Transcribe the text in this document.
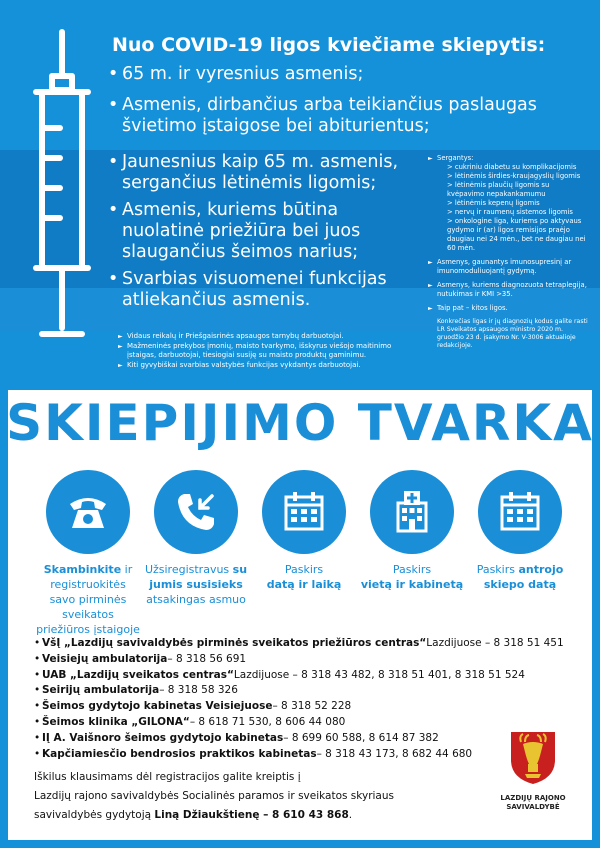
Nuo COVID-19 ligos kviečiame skiepytis:
• 65 m. ir vyresnius asmenis;
• Asmenis, dirbančius arba teikiančius paslaugas švietimo įstaigose bei abiturientus;
• Jaunesnius kaip 65 m. asmenis, sergančius lėtinėmis ligomis;
• Asmenis, kuriems būtina nuolatinė priežiūra bei juos slaugančius šeimos narius;
• Svarbias visuomenei funkcijas atliekančius asmenis.
► Vidaus reikalų ir Priešgaisrinės apsaugos tarnybų darbuotojai.
► Mažmeninės prekybos įmonių, maisto tvarkymo, išskyrus viešojo maitinimo įstaigas, darbuotojai, tiesiogiai susiję su maisto produktų gaminimu.
► Kiti gyvybiškai svarbias valstybės funkcijas vykdantys darbuotojai.
► Sergantys:
> cukriniu diabetu su komplikacijomis
> lėtinėmis širdies-kraujagyslių ligomis
> lėtinėmis plaučių ligomis su kvėpavimo nepakankamumu
> lėtinėmis kepenų ligomis
> nervų ir raumenų sistemos ligomis
> onkologine liga, kuriems po aktyvaus gydymo ir (ar) ligos remisijos praėjo daugiau nei 24 mėn., bet ne daugiau nei 60 mėn.
► Asmenys, gaunantys imunosupresinį ar imunomoduliuojantį gydymą.
► Asmenys, kuriems diagnozuota tetraplegija, nutukimas ir KMI >35.
► Taip pat – kitos ligos.
Konkrečias ligas ir jų diagnozių kodus galite rasti LR Sveikatos apsaugos ministro 2020 m. gruodžio 23 d. įsakymo Nr. V-3006 aktualioje redakcijoje.
SKIEPIJIMO TVARKA
Skambinkite ir registruokitės savo pirminės sveikatos priežiūros įstaigoje
Užsiregistravus su jumis susisieks atsakingas asmuo
Paskirs
datą ir laiką
Paskirs
vietą ir kabinetą
Paskirs antrojo skiepo datą
• VšĮ „Lazdijų savivaldybės pirminės sveikatos priežiūros centras“ Lazdijuose – 8 318 51 451
• Veisiejų ambulatorija – 8 318 56 691
• UAB „Lazdijų sveikatos centras“ Lazdijuose – 8 318 43 482, 8 318 51 401, 8 318 51 524
• Seirijų ambulatorija – 8 318 58 326
• Šeimos gydytojo kabinetas Veisiejuose – 8 318 52 228
• Šeimos klinika „GILONA“ – 8 618 71 530, 8 606 44 080
• IĮ A. Vaišnoro šeimos gydytojo kabinetas – 8 699 60 588, 8 614 87 382
• Kapčiamiesčio bendrosios praktikos kabinetas – 8 318 43 173, 8 682 44 680
Iškilus klausimams dėl registracijos galite kreiptis į
Lazdijų rajono savivaldybės Socialinės paramos ir sveikatos skyriaus
savivaldybės gydytoją Liną Džiaukštienę – 8 610 43 868.
LAZDIJŲ RAJONO
SAVIVALDYBĖ
